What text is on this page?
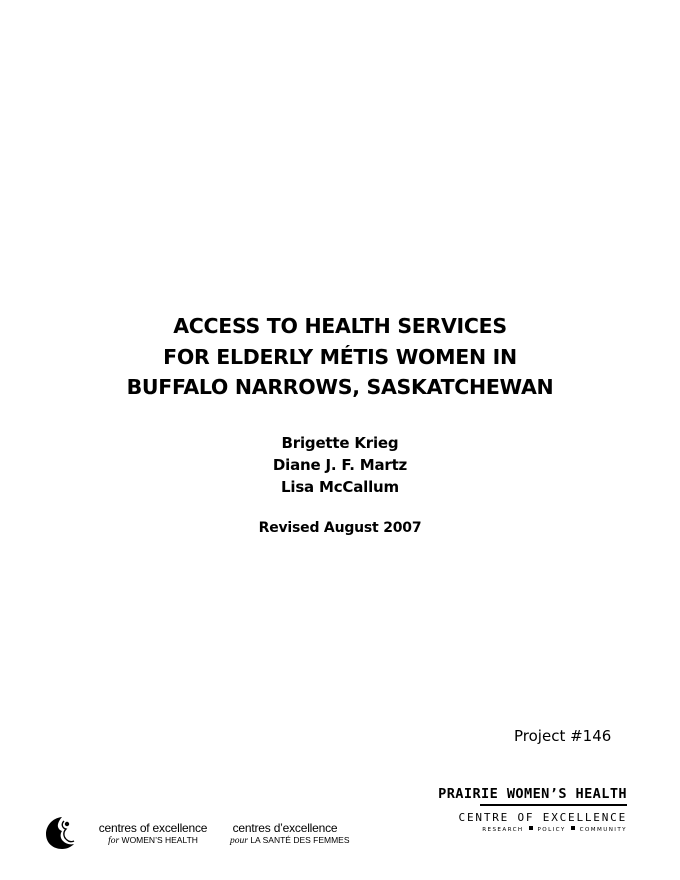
ACCESS TO HEALTH SERVICES
FOR ELDERLY MÉTIS WOMEN IN
BUFFALO NARROWS, SASKATCHEWAN
Brigette Krieg
Diane J. F. Martz
Lisa McCallum
Revised August 2007
Project #146
centres of excellence
for WOMEN’S HEALTH
centres d’excellence
pour LA SANTÉ DES FEMMES
PRAIRIE WOMEN’S HEALTH
CENTRE OF EXCELLENCE
RESEARCH	POLICY	COMMUNITY
